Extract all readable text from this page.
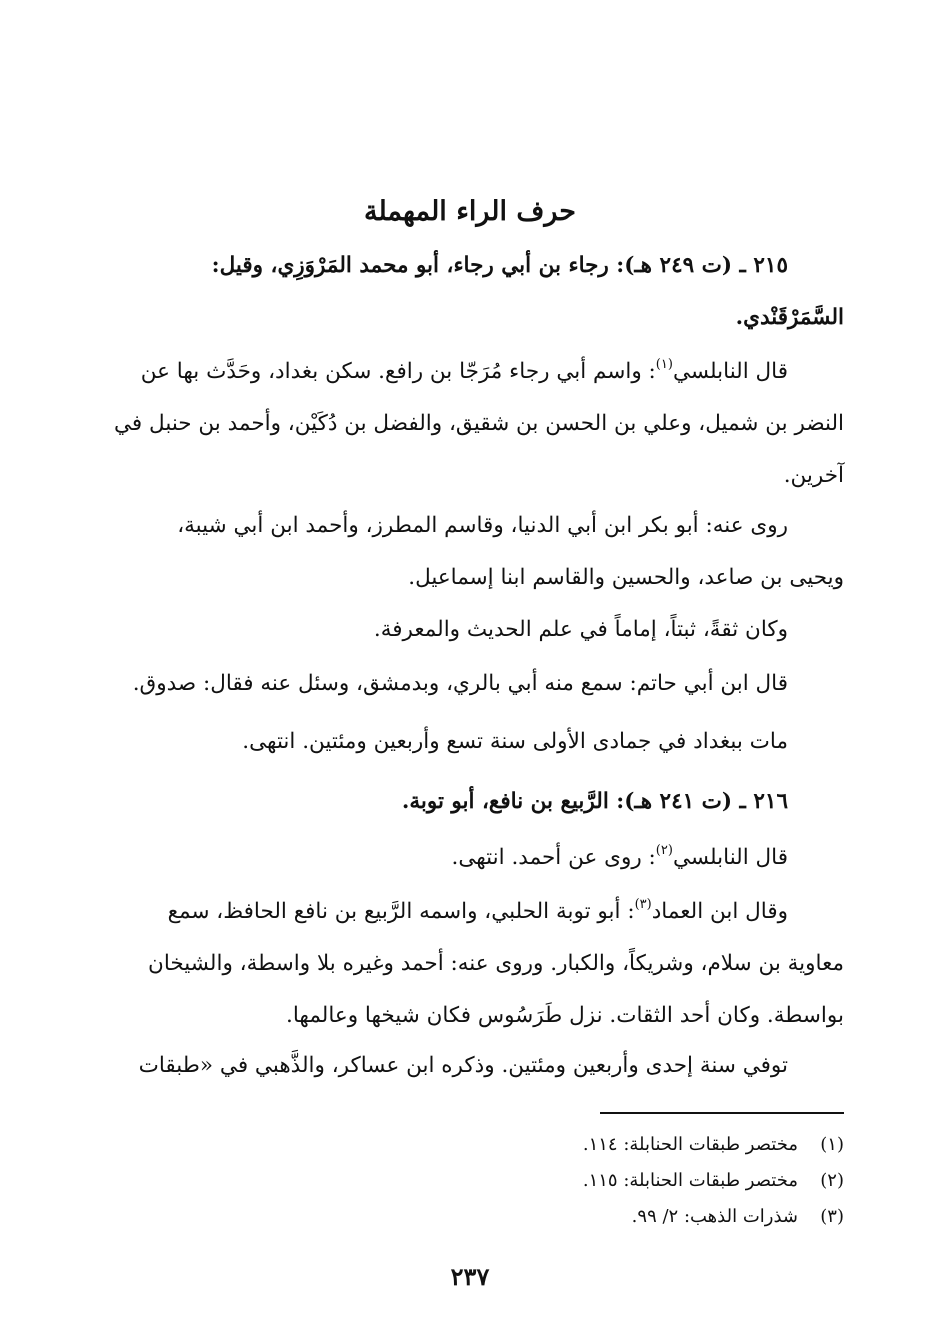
حرف الراء المهملة
٢١٥ ـ (ت ٢٤٩ هـ): رجاء بن أبي رجاء، أبو محمد المَرْوَزِي، وقيل:
السَّمَرْقَنْدي.
قال النابلسي$^{(١)}$: واسم أبي رجاء مُرَجّا بن رافع. سكن بغداد، وحَدَّث بها عن
النضر بن شميل، وعلي بن الحسن بن شقيق، والفضل بن دُكَيْن، وأحمد بن حنبل في
آخرين.
روى عنه: أبو بكر ابن أبي الدنيا، وقاسم المطرز، وأحمد ابن أبي شيبة،
ويحيى بن صاعد، والحسين والقاسم ابنا إسماعيل.
وكان ثقةً، ثبتاً، إماماً في علم الحديث والمعرفة.
قال ابن أبي حاتم: سمع منه أبي بالري، وبدمشق، وسئل عنه فقال: صدوق.
مات ببغداد في جمادى الأولى سنة تسع وأربعين ومئتين. انتهى.
٢١٦ ـ (ت ٢٤١ هـ): الرَّبيع بن نافع، أبو توبة.
قال النابلسي$^{(٢)}$: روى عن أحمد. انتهى.
وقال ابن العماد$^{(٣)}$: أبو توبة الحلبي، واسمه الرَّبيع بن نافع الحافظ، سمع
معاوية بن سلام، وشريكاً، والكبار. وروى عنه: أحمد وغيره بلا واسطة، والشيخان
بواسطة. وكان أحد الثقات. نزل طَرَسُوس فكان شيخها وعالمها.
توفي سنة إحدى وأربعين ومئتين. وذكره ابن عساكر، والذَّهبي في «طبقات
(١)مختصر طبقات الحنابلة: ١١٤.
(٢)مختصر طبقات الحنابلة: ١١٥.
(٣)شذرات الذهب: ٢/ ٩٩.
٢٣٧
